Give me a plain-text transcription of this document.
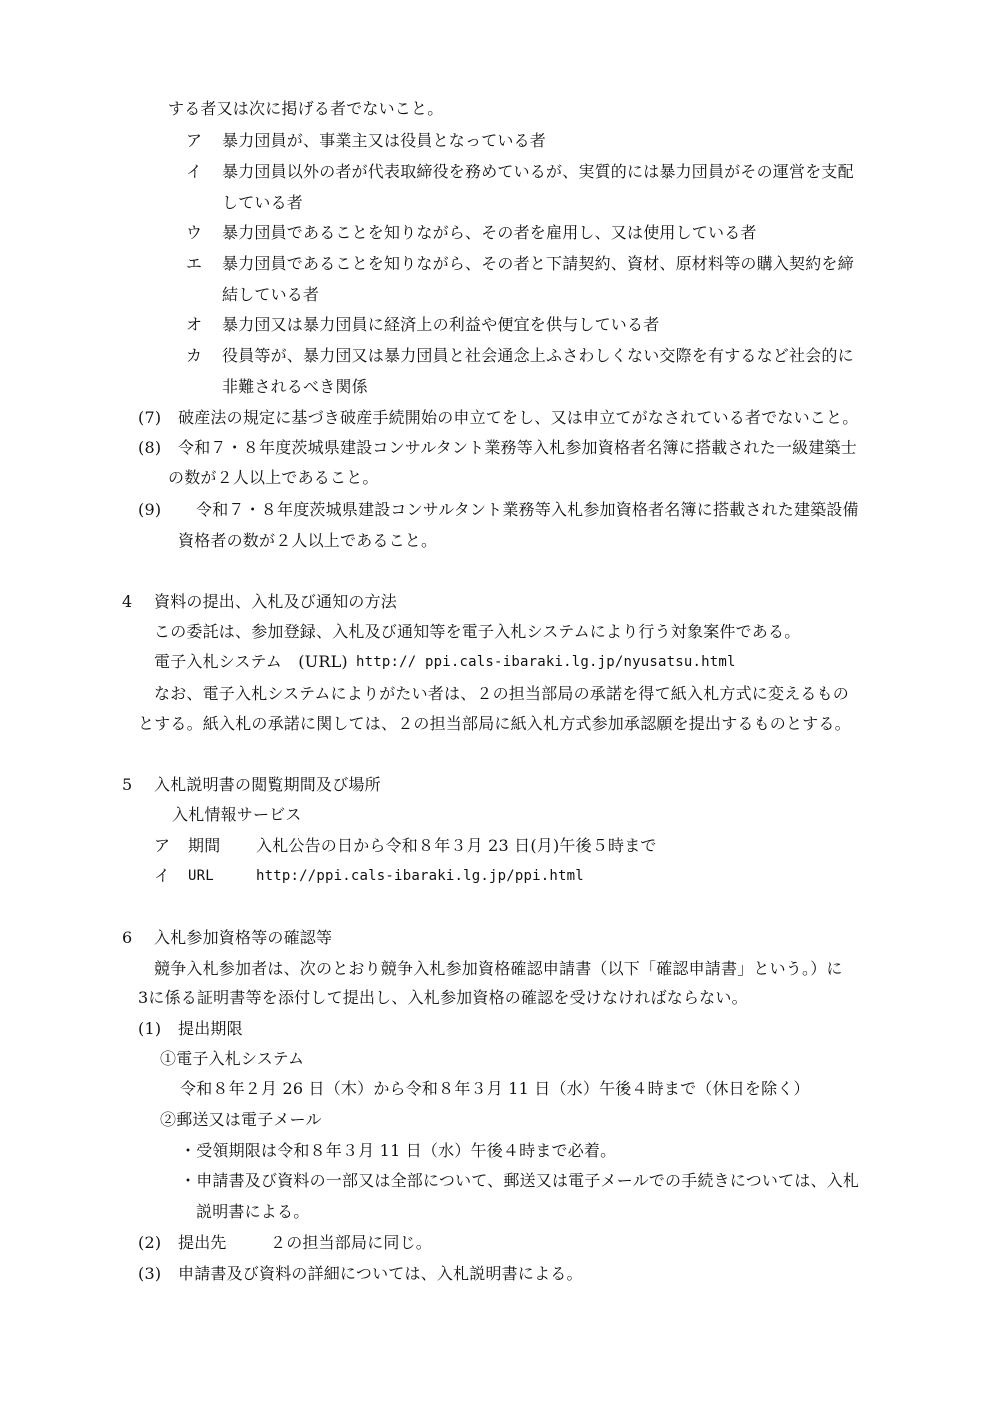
する者又は次に掲げる者でないこと。
ア 暴力団員が、事業主又は役員となっている者
イ 暴力団員以外の者が代表取締役を務めているが、実質的には暴力団員がその運営を支配
している者
ウ 暴力団員であることを知りながら、その者を雇用し、又は使用している者
エ 暴力団員であることを知りながら、その者と下請契約、資材、原材料等の購入契約を締
結している者
オ 暴力団又は暴力団員に経済上の利益や便宜を供与している者
カ 役員等が、暴力団又は暴力団員と社会通念上ふさわしくない交際を有するなど社会的に
非難されるべき関係
(7) 破産法の規定に基づき破産手続開始の申立てをし、又は申立てがなされている者でないこと。
(8) 令和７・８年度茨城県建設コンサルタント業務等入札参加資格者名簿に搭載された一級建築士
の数が２人以上であること。
(9) 令和７・８年度茨城県建設コンサルタント業務等入札参加資格者名簿に搭載された建築設備
資格者の数が２人以上であること。
4 資料の提出、入札及び通知の方法
この委託は、参加登録、入札及び通知等を電子入札システムにより行う対象案件である。
電子入札システム　(URL) http:// ppi.cals-ibaraki.lg.jp/nyusatsu.html
なお、電子入札システムによりがたい者は、２の担当部局の承諾を得て紙入札方式に変えるもの
とする。紙入札の承諾に関しては、２の担当部局に紙入札方式参加承認願を提出するものとする。
5 入札説明書の閲覧期間及び場所
入札情報サービス
ア 期間 入札公告の日から令和８年３月 23 日(月)午後５時まで
イ URL	http://ppi.cals-ibaraki.lg.jp/ppi.html
6 入札参加資格等の確認等
競争入札参加者は、次のとおり競争入札参加資格確認申請書（以下「確認申請書」という。）に
3に係る証明書等を添付して提出し、入札参加資格の確認を受けなければならない。
(1) 提出期限
①電子入札システム
令和８年２月 26 日（木）から令和８年３月 11 日（水）午後４時まで（休日を除く）
②郵送又は電子メール
・受領期限は令和８年３月 11 日（水）午後４時まで必着。
・申請書及び資料の一部又は全部について、郵送又は電子メールでの手続きについては、入札
説明書による。
(2) 提出先	２の担当部局に同じ。
(3) 申請書及び資料の詳細については、入札説明書による。
